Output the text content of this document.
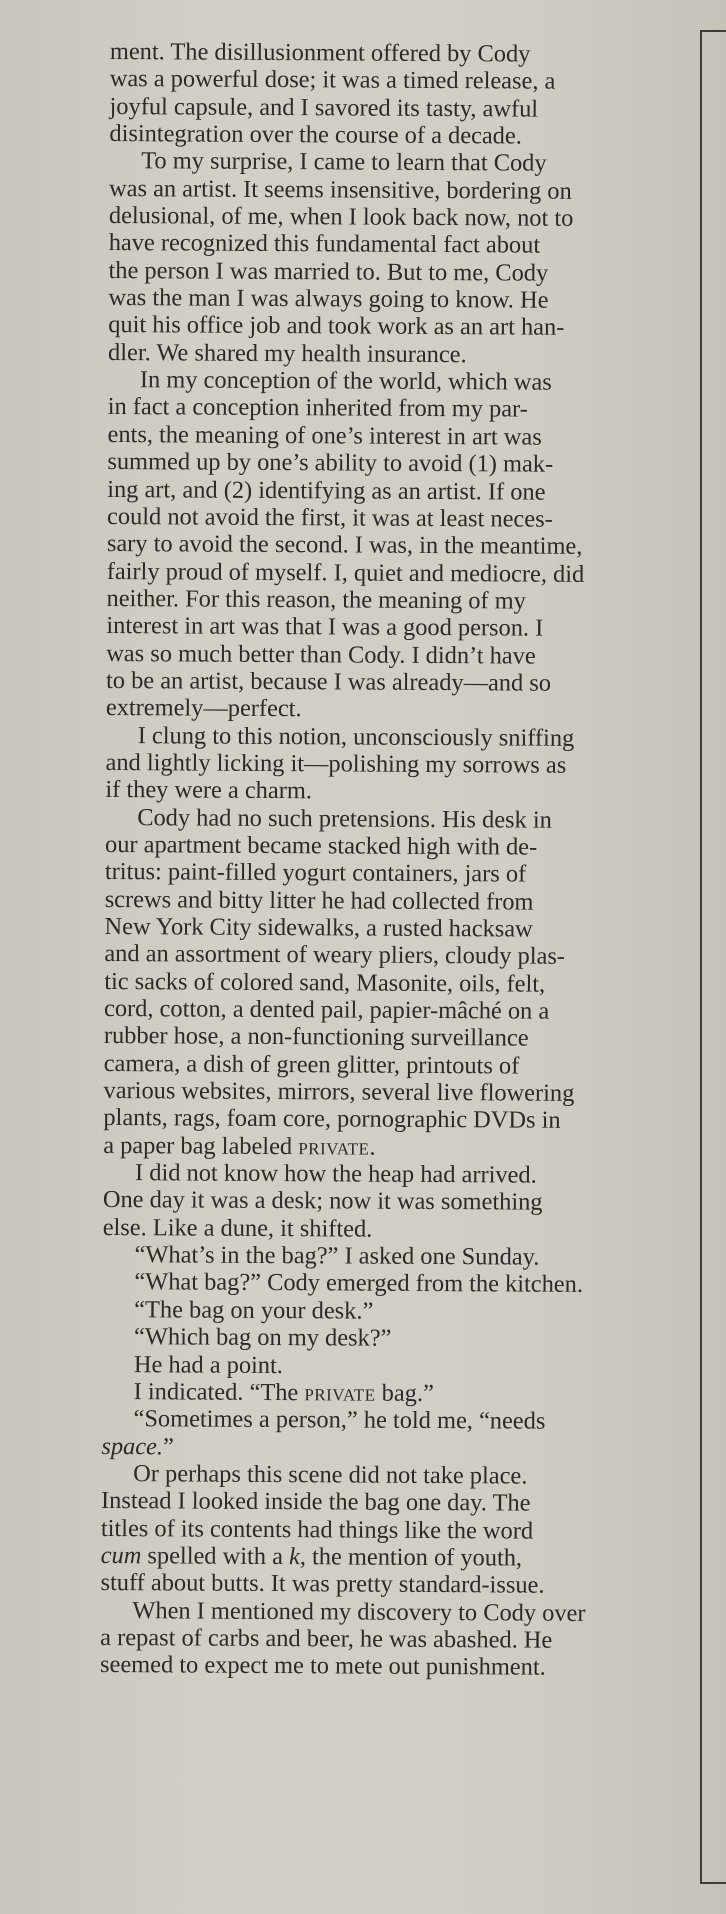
ment. The disillusionment offered by Cody
was a powerful dose; it was a timed release, a
joyful capsule, and I savored its tasty, awful
disintegration over the course of a decade.

To my surprise, I came to learn that Cody
was an artist. It seems insensitive, bordering on
delusional, of me, when I look back now, not to
have recognized this fundamental fact about
the person I was married to. But to me, Cody
was the man I was always going to know. He
quit his office job and took work as an art han-
dler. We shared my health insurance.

In my conception of the world, which was
in fact a conception inherited from my par-
ents, the meaning of one’s interest in art was
summed up by one’s ability to avoid (1) mak-
ing art, and (2) identifying as an artist. If one
could not avoid the first, it was at least neces-
sary to avoid the second. I was, in the meantime,
fairly proud of myself. I, quiet and mediocre, did
neither. For this reason, the meaning of my
interest in art was that I was a good person. I
was so much better than Cody. I didn’t have
to be an artist, because I was already—and so
extremely—perfect.

I clung to this notion, unconsciously sniffing
and lightly licking it—polishing my sorrows as
if they were a charm.

Cody had no such pretensions. His desk in
our apartment became stacked high with de-
tritus: paint-filled yogurt containers, jars of
screws and bitty litter he had collected from
New York City sidewalks, a rusted hacksaw
and an assortment of weary pliers, cloudy plas-
tic sacks of colored sand, Masonite, oils, felt,
cord, cotton, a dented pail, papier-mâché on a
rubber hose, a non-functioning surveillance
camera, a dish of green glitter, printouts of
various websites, mirrors, several live flowering
plants, rags, foam core, pornographic DVDs in
a paper bag labeled private.

I did not know how the heap had arrived.
One day it was a desk; now it was something
else. Like a dune, it shifted.

“What’s in the bag?” I asked one Sunday.

“What bag?” Cody emerged from the kitchen.

“The bag on your desk.”

“Which bag on my desk?”

He had a point.

I indicated. “The private bag.”

“Sometimes a person,” he told me, “needs
space.”

Or perhaps this scene did not take place.
Instead I looked inside the bag one day. The
titles of its contents had things like the word
cum spelled with a k, the mention of youth,
stuff about butts. It was pretty standard-issue.

When I mentioned my discovery to Cody over
a repast of carbs and beer, he was abashed. He
seemed to expect me to mete out punishment.
